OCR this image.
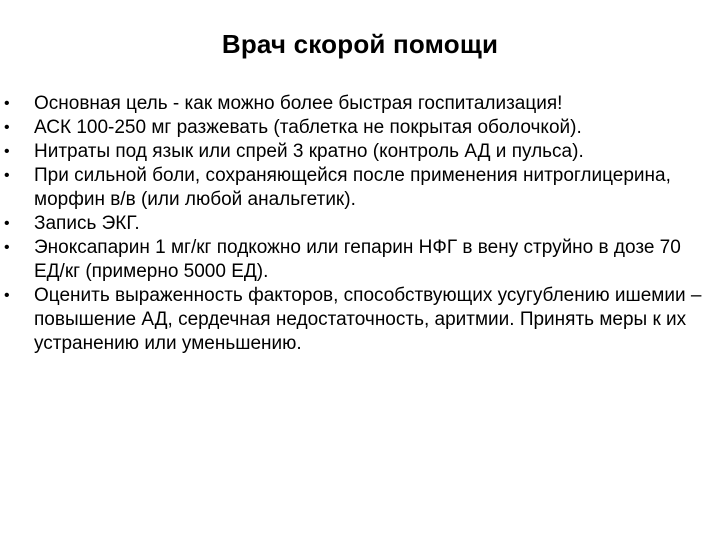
Врач скорой помощи
•	Основная цель - как можно более быстрая госпитализация!
•	АСК 100-250 мг разжевать (таблетка не покрытая оболочкой).
•	Нитраты под язык или спрей 3 кратно (контроль АД и пульса).
•	При сильной боли, сохраняющейся после применения нитроглицерина, морфин в/в (или любой анальгетик).
•	Запись ЭКГ.
•	Эноксапарин 1 мг/кг подкожно или гепарин НФГ в вену струйно в дозе 70 ЕД/кг (примерно 5000 ЕД).
•	Оценить выраженность факторов, способствующих усугублению ишемии – повышение АД, сердечная недостаточность, аритмии. Принять меры к их устранению или уменьшению.
